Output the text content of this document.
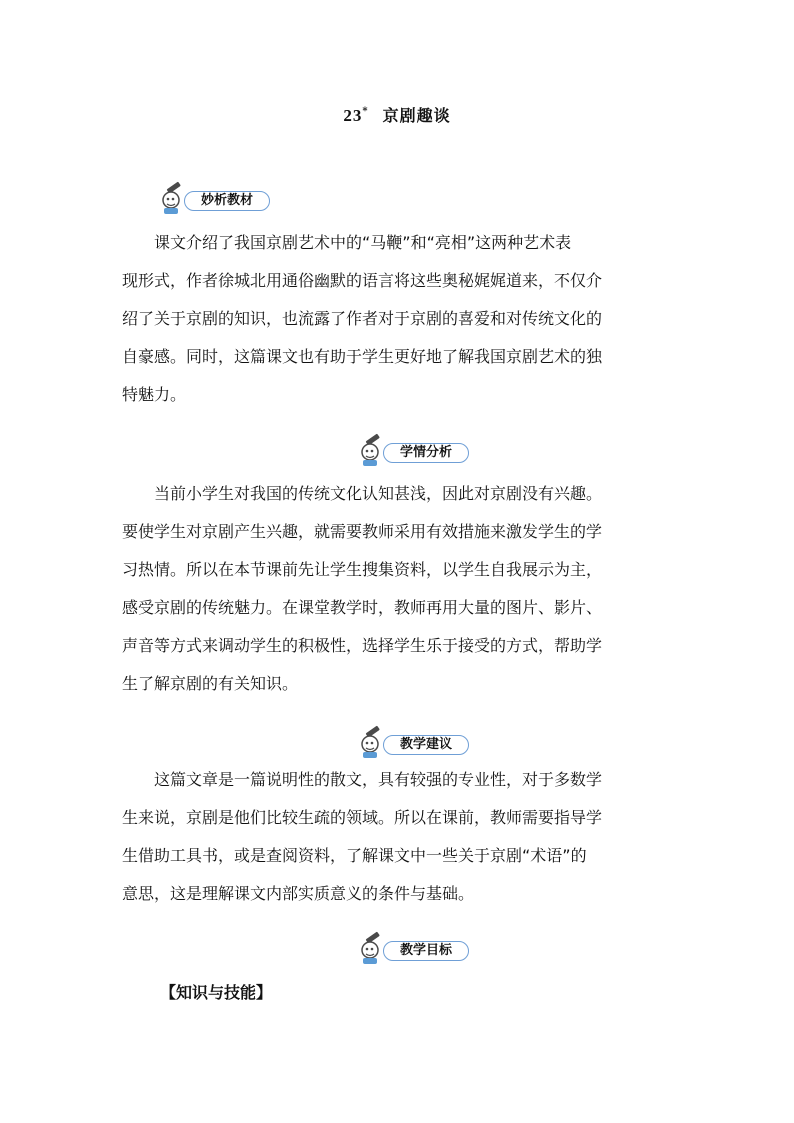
23* 京剧趣谈
妙析教材
课文介绍了我国京剧艺术中的“马鞭”和“亮相”这两种艺术表
现形式，作者徐城北用通俗幽默的语言将这些奥秘娓娓道来，不仅介
绍了关于京剧的知识，也流露了作者对于京剧的喜爱和对传统文化的
自豪感。同时，这篇课文也有助于学生更好地了解我国京剧艺术的独
特魅力。
学情分析
当前小学生对我国的传统文化认知甚浅，因此对京剧没有兴趣。
要使学生对京剧产生兴趣，就需要教师采用有效措施来激发学生的学
习热情。所以在本节课前先让学生搜集资料，以学生自我展示为主，
感受京剧的传统魅力。在课堂教学时，教师再用大量的图片、影片、
声音等方式来调动学生的积极性，选择学生乐于接受的方式，帮助学
生了解京剧的有关知识。
教学建议
这篇文章是一篇说明性的散文，具有较强的专业性，对于多数学
生来说，京剧是他们比较生疏的领域。所以在课前，教师需要指导学
生借助工具书，或是查阅资料，了解课文中一些关于京剧“术语”的
意思，这是理解课文内部实质意义的条件与基础。
教学目标
【知识与技能】
